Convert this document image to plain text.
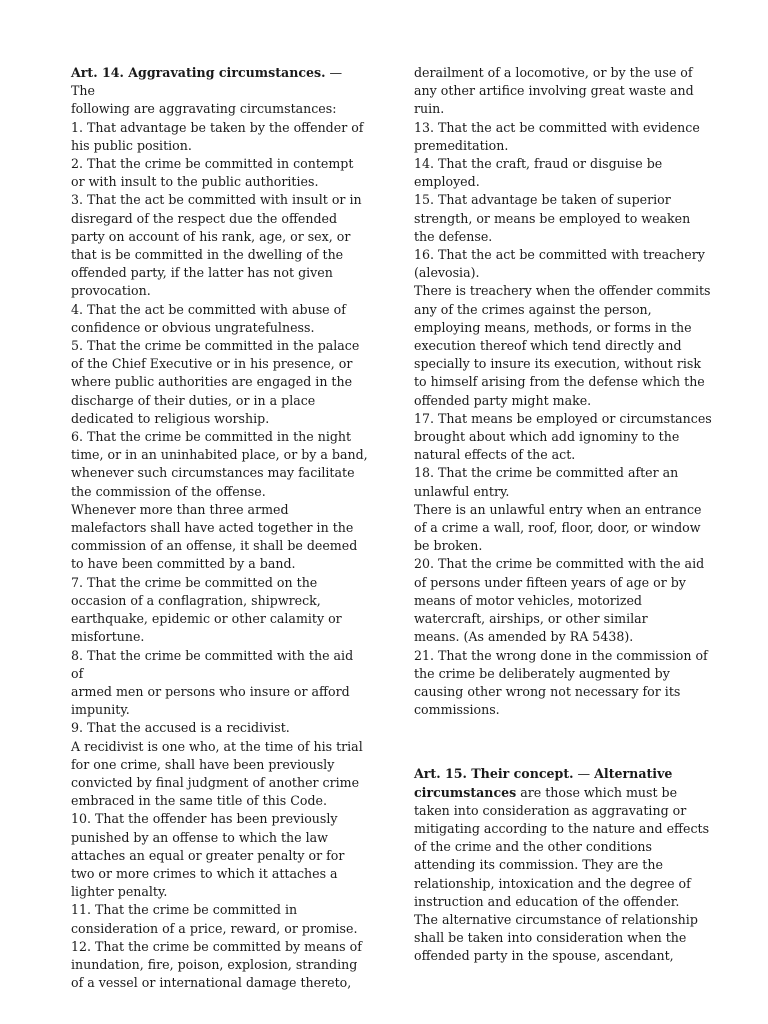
Art. 14. Aggravating circumstances. — The
following are aggravating circumstances:

1. That advantage be taken by the offender of
his public position.

2. That the crime be committed in contempt
or with insult to the public authorities.

3. That the act be committed with insult or in
disregard of the respect due the offended
party on account of his rank, age, or sex, or
that is be committed in the dwelling of the
offended party, if the latter has not given
provocation.

4. That the act be committed with abuse of
confidence or obvious ungratefulness.

5. That the crime be committed in the palace
of the Chief Executive or in his presence, or
where public authorities are engaged in the
discharge of their duties, or in a place
dedicated to religious worship.

6. That the crime be committed in the night
time, or in an uninhabited place, or by a band,
whenever such circumstances may facilitate
the commission of the offense.

Whenever more than three armed
malefactors shall have acted together in the
commission of an offense, it shall be deemed
to have been committed by a band.

7. That the crime be committed on the
occasion of a conflagration, shipwreck,
earthquake, epidemic or other calamity or
misfortune.

8. That the crime be committed with the aid of
armed men or persons who insure or afford
impunity.

9. That the accused is a recidivist.

A recidivist is one who, at the time of his trial
for one crime, shall have been previously
convicted by final judgment of another crime
embraced in the same title of this Code.

10. That the offender has been previously
punished by an offense to which the law
attaches an equal or greater penalty or for
two or more crimes to which it attaches a
lighter penalty.

11. That the crime be committed in
consideration of a price, reward, or promise.

12. That the crime be committed by means of
inundation, fire, poison, explosion, stranding
of a vessel or international damage thereto,

derailment of a locomotive, or by the use of
any other artifice involving great waste and
ruin.

13. That the act be committed with evidence
premeditation.

14. That the craft, fraud or disguise be
employed.

15. That advantage be taken of superior
strength, or means be employed to weaken
the defense.

16. That the act be committed with treachery
(alevosia).

There is treachery when the offender commits
any of the crimes against the person,
employing means, methods, or forms in the
execution thereof which tend directly and
specially to insure its execution, without risk
to himself arising from the defense which the
offended party might make.

17. That means be employed or circumstances
brought about which add ignominy to the
natural effects of the act.

18. That the crime be committed after an
unlawful entry.

There is an unlawful entry when an entrance
of a crime a wall, roof, floor, door, or window
be broken.

20. That the crime be committed with the aid
of persons under fifteen years of age or by
means of motor vehicles, motorized
watercraft, airships, or other similar
means. (As amended by RA 5438).

21. That the wrong done in the commission of
the crime be deliberately augmented by
causing other wrong not necessary for its
commissions.

Art. 15. Their concept. — Alternative
circumstances are those which must be
taken into consideration as aggravating or
mitigating according to the nature and effects
of the crime and the other conditions
attending its commission. They are the
relationship, intoxication and the degree of
instruction and education of the offender.

The alternative circumstance of relationship
shall be taken into consideration when the
offended party in the spouse, ascendant,
